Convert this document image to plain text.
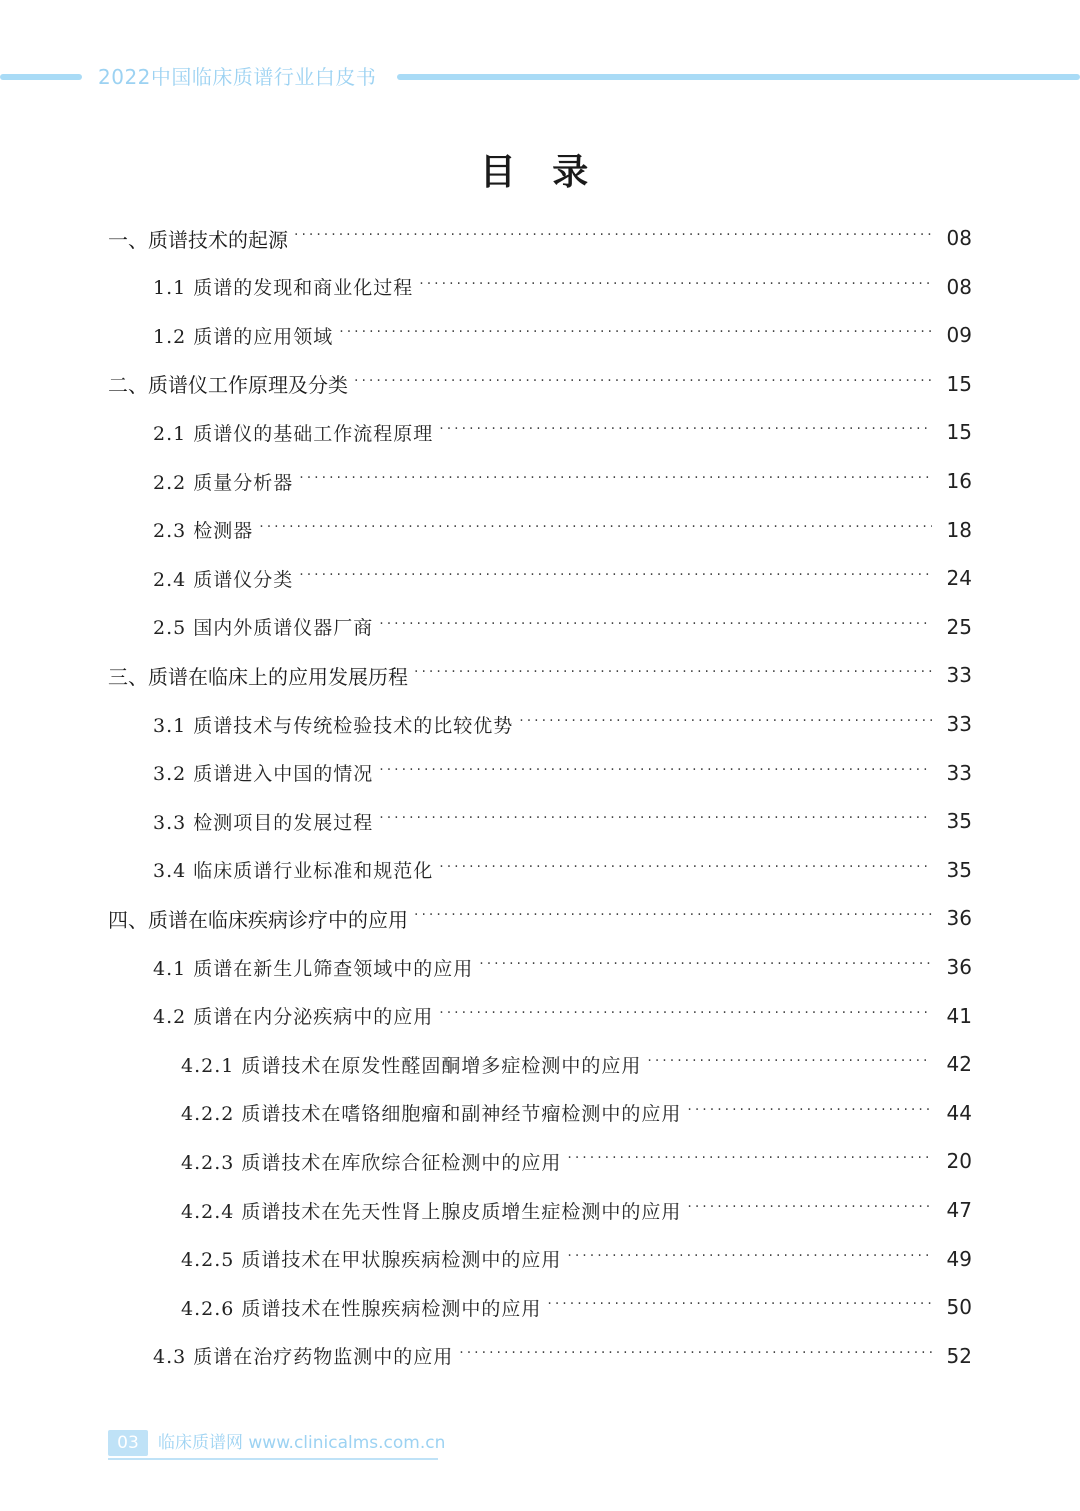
2022中国临床质谱行业白皮书
目 录
一、质谱技术的起源 ·····	08
1.1 质谱的发现和商业化过程 ·····	08
1.2 质谱的应用领域 ·····	09
二、质谱仪工作原理及分类 ·····	15
2.1 质谱仪的基础工作流程原理 ·····	15
2.2 质量分析器 ·····	16
2.3 检测器 ·····	18
2.4 质谱仪分类 ·····	24
2.5 国内外质谱仪器厂商 ·····	25
三、质谱在临床上的应用发展历程 ·····	33
3.1 质谱技术与传统检验技术的比较优势 ·····	33
3.2 质谱进入中国的情况 ·····	33
3.3 检测项目的发展过程 ·····	35
3.4 临床质谱行业标准和规范化 ·····	35
四、质谱在临床疾病诊疗中的应用 ·····	36
4.1 质谱在新生儿筛查领域中的应用 ·····	36
4.2 质谱在内分泌疾病中的应用 ·····	41
4.2.1 质谱技术在原发性醛固酮增多症检测中的应用 ·····	42
4.2.2 质谱技术在嗜铬细胞瘤和副神经节瘤检测中的应用 ·····	44
4.2.3 质谱技术在库欣综合征检测中的应用 ·····	20
4.2.4 质谱技术在先天性肾上腺皮质增生症检测中的应用 ·····	47
4.2.5 质谱技术在甲状腺疾病检测中的应用 ·····	49
4.2.6 质谱技术在性腺疾病检测中的应用 ·····	50
4.3 质谱在治疗药物监测中的应用 ·····	52
03	临床质谱网 www.clinicalms.com.cn
